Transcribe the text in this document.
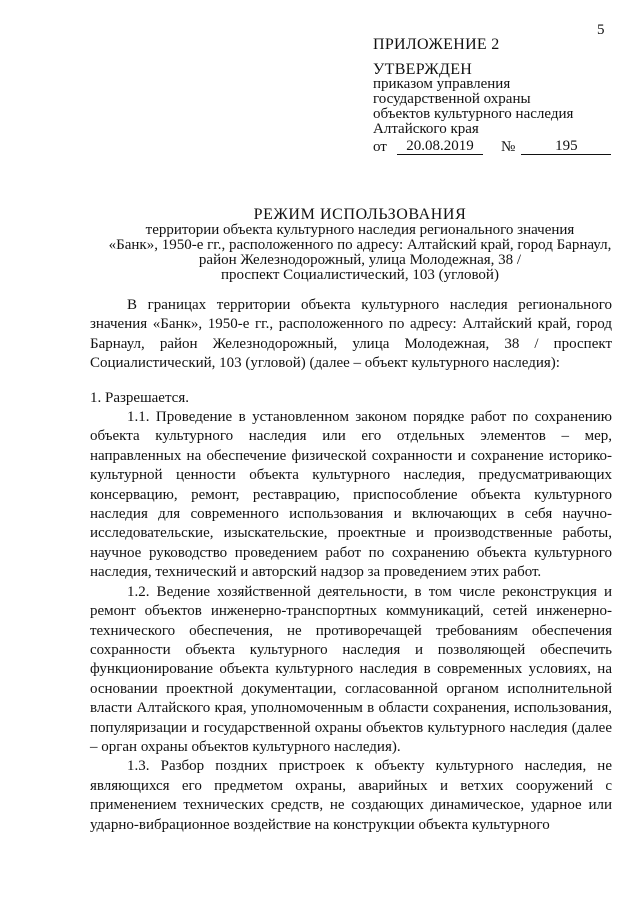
5
ПРИЛОЖЕНИЕ 2
УТВЕРЖДЕН
приказом управления
государственной охраны
объектов культурного наследия
Алтайского края
от	20.08.2019	№	195
РЕЖИМ ИСПОЛЬЗОВАНИЯ
территории объекта культурного наследия регионального значения
«Банк», 1950-е гг., расположенного по адресу: Алтайский край, город Барнаул,
район Железнодорожный, улица Молодежная, 38 /
проспект Социалистический, 103 (угловой)

В границах территории объекта культурного наследия регионального значения «Банк», 1950-е гг., расположенного по адресу: Алтайский край, город Барнаул, район Железнодорожный, улица Молодежная, 38 / проспект Социалистический, 103 (угловой) (далее – объект культурного наследия):

1. Разрешается.

1.1. Проведение в установленном законом порядке работ по сохранению объекта культурного наследия или его отдельных элементов – мер, направленных на обеспечение физической сохранности и сохранение историко-культурной ценности объекта культурного наследия, предусматривающих консервацию, ремонт, реставрацию, приспособление объекта культурного наследия для современного использования и включающих в себя научно-исследовательские, изыскательские, проектные и производственные работы, научное руководство проведением работ по сохранению объекта культурного наследия, технический и авторский надзор за проведением этих работ.

1.2. Ведение хозяйственной деятельности, в том числе реконструкция и ремонт объектов инженерно-транспортных коммуникаций, сетей инженерно-технического обеспечения, не противоречащей требованиям обеспечения сохранности объекта культурного наследия и позволяющей обеспечить функционирование объекта культурного наследия в современных условиях, на основании проектной документации, согласованной органом исполнительной власти Алтайского края, уполномоченным в области сохранения, использования, популяризации и государственной охраны объектов культурного наследия (далее – орган охраны объектов культурного наследия).

1.3. Разбор поздних пристроек к объекту культурного наследия, не являющихся его предметом охраны, аварийных и ветхих сооружений с применением технических средств, не создающих динамическое, ударное или ударно-вибрационное воздействие на конструкции объекта культурного
